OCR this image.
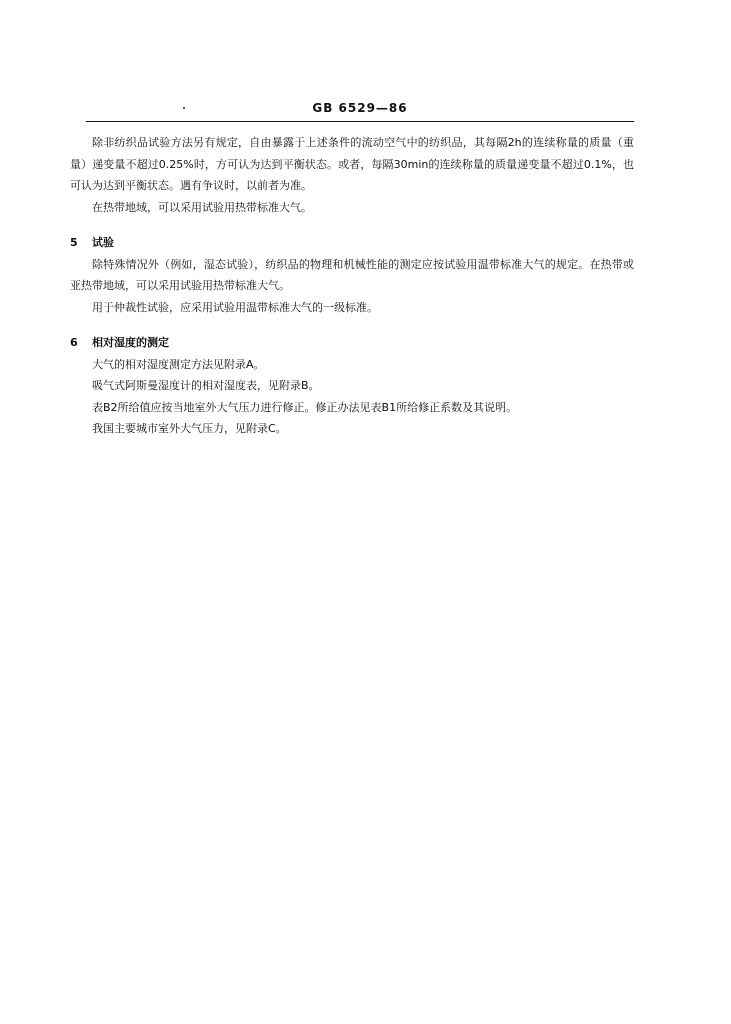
GB 6529—86

除非纺织品试验方法另有规定，自由暴露于上述条件的流动空气中的纺织品，其每隔2h的连续称量的质量（重量）递变量不超过0.25%时，方可认为达到平衡状态。或者，每隔30min的连续称量的质量递变量不超过0.1%，也可认为达到平衡状态。遇有争议时，以前者为准。

在热带地域，可以采用试验用热带标准大气。

5 试验

除特殊情况外（例如，湿态试验），纺织品的物理和机械性能的测定应按试验用温带标准大气的规定。在热带或亚热带地域，可以采用试验用热带标准大气。

用于仲裁性试验，应采用试验用温带标准大气的一级标准。

6 相对湿度的测定

大气的相对湿度测定方法见附录A。

吸气式阿斯曼湿度计的相对湿度表，见附录B。

表B2所给值应按当地室外大气压力进行修正。修正办法见表B1所给修正系数及其说明。

我国主要城市室外大气压力，见附录C。
